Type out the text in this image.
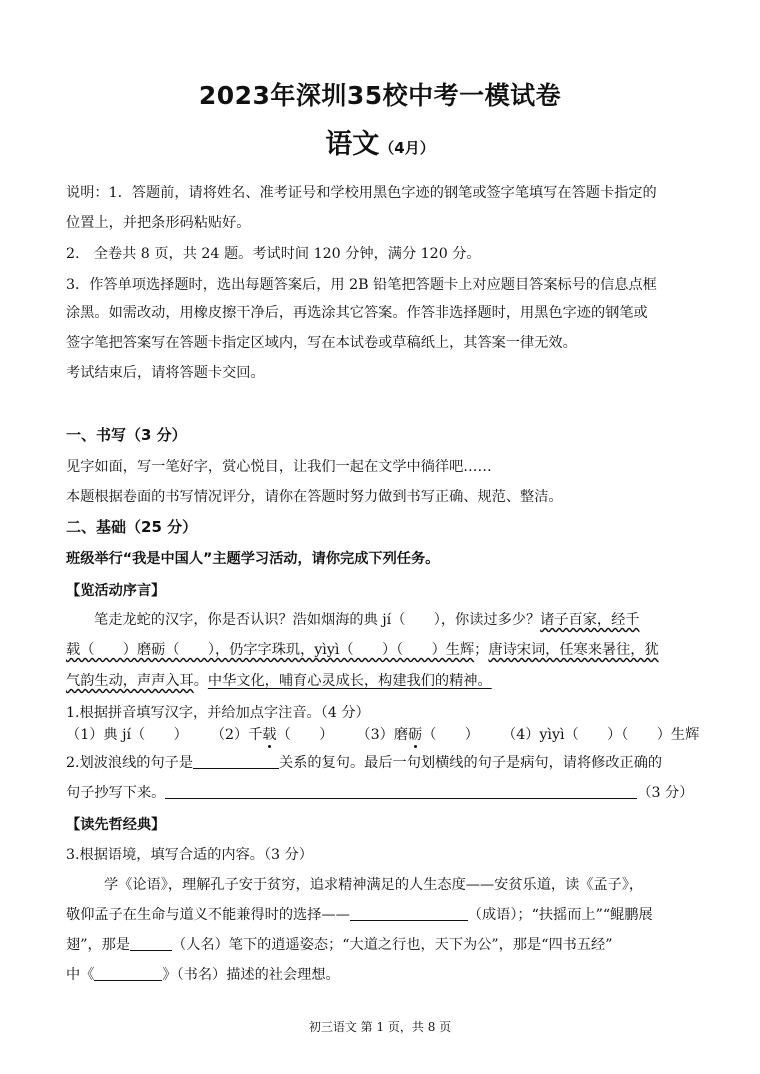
2023年深圳35校中考一模试卷
语文（4月）
说明：1．答题前，请将姓名、准考证号和学校用黑色字迹的钢笔或签字笔填写在答题卡指定的
位置上，并把条形码粘贴好。
2.　全卷共 8 页，共 24 题。考试时间 120 分钟，满分 120 分。
3．作答单项选择题时，选出每题答案后，用 2B 铅笔把答题卡上对应题目答案标号的信息点框
涂黑。如需改动，用橡皮擦干净后，再选涂其它答案。作答非选择题时，用黑色字迹的钢笔或
签字笔把答案写在答题卡指定区域内，写在本试卷或草稿纸上，其答案一律无效。
考试结束后，请将答题卡交回。
一、书写（3 分）
见字如面，写一笔好字，赏心悦目，让我们一起在文学中徜徉吧……
本题根据卷面的书写情况评分，请你在答题时努力做到书写正确、规范、整洁。
二、基础（25 分）
班级举行“我是中国人”主题学习活动，请你完成下列任务。
【览活动序言】
笔走龙蛇的汉字，你是否认识？浩如烟海的典 jí（　　），你读过多少？诸子百家，经千
载（　　）磨砺（　　），仍字字珠玑，yìyì（　　）（　　）生辉；唐诗宋词，任寒来暑往，犹
气韵生动，声声入耳。中华文化，哺育心灵成长，构建我们的精神。
1.根据拼音填写汉字，并给加点字注音。（4 分）
（1）典 jí（　　） （2）千载（　　） （3）磨砺（　　） （4）yìyì（　　）（　　）生辉
2.划波浪线的句子是	关系的复句。最后一句划横线的句子是病句，请将修改正确的
句子抄写下来。	（3 分）
【读先哲经典】
3.根据语境，填写合适的内容。（3 分）
学《论语》，理解孔子安于贫穷，追求精神满足的人生态度——安贫乐道，读《孟子》，
敬仰孟子在生命与道义不能兼得时的选择——	（成语）；“扶摇而上”“鲲鹏展
翅”，那是	（人名）笔下的逍遥姿态；“大道之行也，天下为公”，那是“四书五经”
中《	》（书名）描述的社会理想。
初三语文 第 1 页，共 8 页
